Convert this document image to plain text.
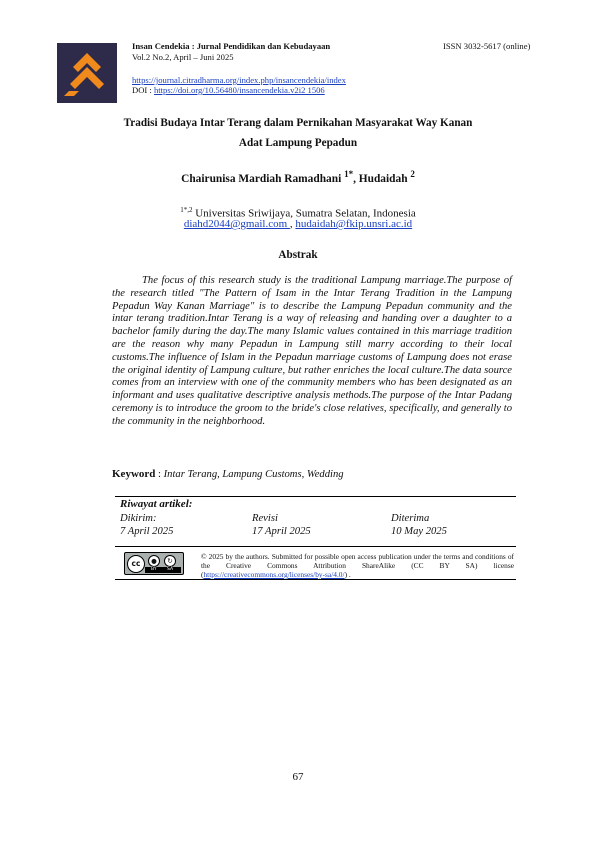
Insan Cendekia : Jurnal Pendidikan dan Kebudayaan
Vol.2 No.2, April – Juni 2025
ISSN 3032-5617 (online)
https://journal.citradharma.org/index.php/insancendekia/index
DOI : https://doi.org/10.56480/insancendekia.v2i2 1506
Tradisi Budaya Intar Terang dalam Pernikahan Masyarakat Way Kanan
Adat Lampung Pepadun
Chairunisa Mardiah Ramadhani $^{1*}$, Hudaidah $^2$
$^{1*,2}$ Universitas Sriwijaya, Sumatra Selatan, Indonesia
diahd2044@gmail.com , hudaidah@fkip.unsri.ac.id
Abstrak
The focus of this research study is the traditional Lampung marriage.The purpose of the research titled "The Pattern of Isam in the Intar Terang Tradition in the Lampung Pepadun Way Kanan Marriage" is to describe the Lampung Pepadun community and the intar terang tradition.Intar Terang is a way of releasing and handing over a daughter to a bachelor family during the day.The many Islamic values contained in this marriage tradition are the reason why many Pepadun in Lampung still marry according to their local customs.The influence of Islam in the Pepadun marriage customs of Lampung does not erase the original identity of Lampung culture, but rather enriches the local culture.The data source comes from an interview with one of the community members who has been designated as an informant and uses qualitative descriptive analysis methods.The purpose of the Intar Padang ceremony is to introduce the groom to the bride's close relatives, specifically, and generally to the community in the neighborhood.
Keyword : Intar Terang, Lampung Customs, Wedding
Riwayat artikel:
Dikirim:
7 April 2025
Revisi
17 April 2025
Diterima
10 May 2025
cc	●	↻
BY SA
© 2025 by the authors. Submitted for possible open access publication under the terms and conditions of the Creative Commons Attribution ShareAlike (CC BY SA) license (https://creativecommons.org/licenses/by-sa/4.0/) .
67
